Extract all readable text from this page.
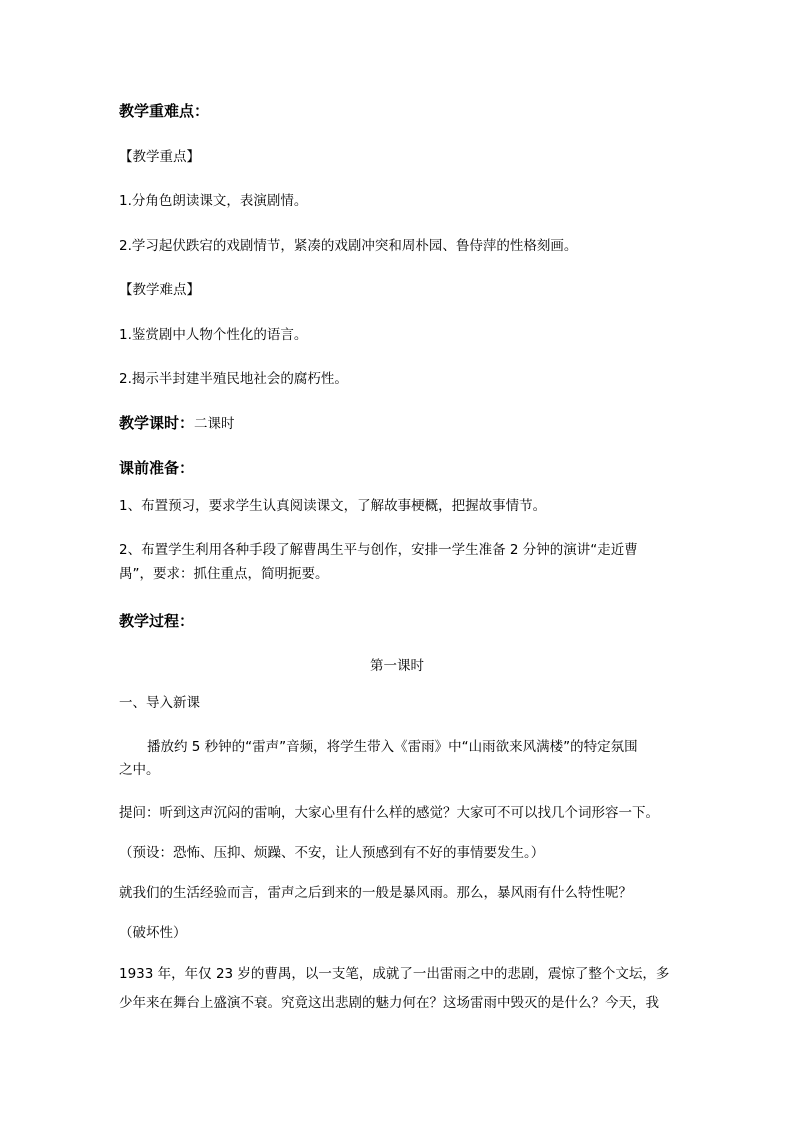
教学重难点：
【教学重点】
1.分角色朗读课文，表演剧情。
2.学习起伏跌宕的戏剧情节，紧凑的戏剧冲突和周朴园、鲁侍萍的性格刻画。
【教学难点】
1.鉴赏剧中人物个性化的语言。
2.揭示半封建半殖民地社会的腐朽性。
教学课时：二课时
课前准备：
1、布置预习，要求学生认真阅读课文，了解故事梗概，把握故事情节。
2、布置学生利用各种手段了解曹禺生平与创作，安排一学生准备 2 分钟的演讲“走近曹
禺”，要求：抓住重点，简明扼要。
教学过程：
第一课时
一、导入新课
播放约 5 秒钟的“雷声”音频，将学生带入《雷雨》中“山雨欲来风满楼”的特定氛围
之中。
提问：听到这声沉闷的雷响，大家心里有什么样的感觉？大家可不可以找几个词形容一下。
（预设：恐怖、压抑、烦躁、不安，让人预感到有不好的事情要发生。）
就我们的生活经验而言，雷声之后到来的一般是暴风雨。那么，暴风雨有什么特性呢？
（破坏性）
1933 年，年仅 23 岁的曹禺，以一支笔，成就了一出雷雨之中的悲剧，震惊了整个文坛，多
少年来在舞台上盛演不衰。究竟这出悲剧的魅力何在？这场雷雨中毁灭的是什么？今天，我
